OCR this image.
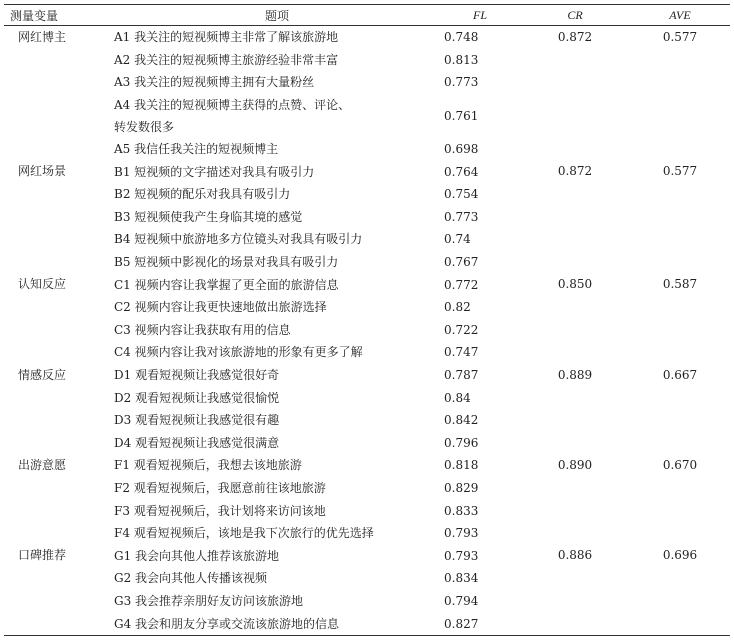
测量变量	题项	FL	CR	AVE
网红博主	A1 我关注的短视频博主非常了解该旅游地	0.748	0.872	0.577
	A2 我关注的短视频博主旅游经验非常丰富	0.813		
	A3 我关注的短视频博主拥有大量粉丝	0.773		

	A4 我关注的短视频博主获得的点赞、评论、
转发数很多	0.761		
	A5 我信任我关注的短视频博主	0.698		
网红场景	B1 短视频的文字描述对我具有吸引力	0.764	0.872	0.577
	B2 短视频的配乐对我具有吸引力	0.754		
	B3 短视频使我产生身临其境的感觉	0.773		
	B4 短视频中旅游地多方位镜头对我具有吸引力	0.74		
	B5 短视频中影视化的场景对我具有吸引力	0.767		
认知反应	C1 视频内容让我掌握了更全面的旅游信息	0.772	0.850	0.587
	C2 视频内容让我更快速地做出旅游选择	0.82		
	C3 视频内容让我获取有用的信息	0.722		
	C4 视频内容让我对该旅游地的形象有更多了解	0.747		
情感反应	D1 观看短视频让我感觉很好奇	0.787	0.889	0.667
	D2 观看短视频让我感觉很愉悦	0.84		
	D3 观看短视频让我感觉很有趣	0.842		
	D4 观看短视频让我感觉很满意	0.796		
出游意愿	F1 观看短视频后，我想去该地旅游	0.818	0.890	0.670
	F2 观看短视频后，我愿意前往该地旅游	0.829		
	F3 观看短视频后，我计划将来访问该地	0.833		
	F4 观看短视频后，该地是我下次旅行的优先选择	0.793		
口碑推荐	G1 我会向其他人推荐该旅游地	0.793	0.886	0.696
	G2 我会向其他人传播该视频	0.834		
	G3 我会推荐亲朋好友访问该旅游地	0.794		
	G4 我会和朋友分享或交流该旅游地的信息	0.827		
